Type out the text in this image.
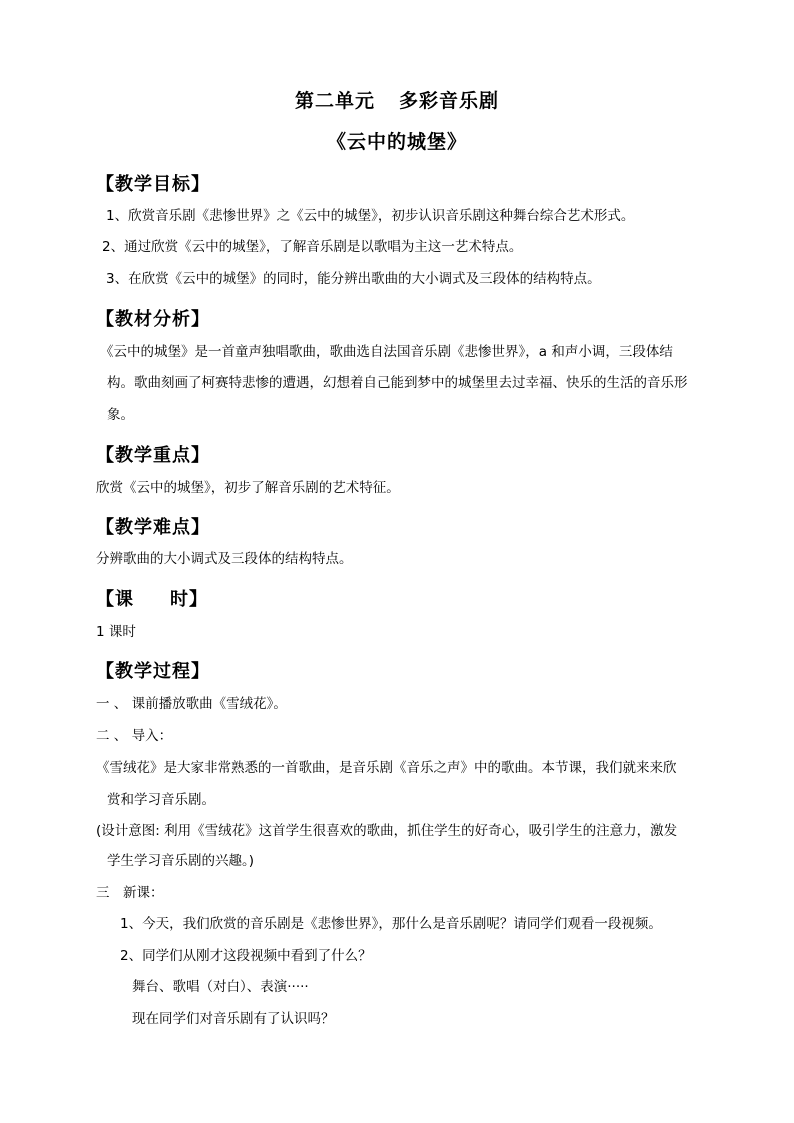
第二单元 多彩音乐剧
《云中的城堡》
【教学目标】
1、欣赏音乐剧《悲惨世界》之《云中的城堡》，初步认识音乐剧这种舞台综合艺术形式。
2、通过欣赏《云中的城堡》，了解音乐剧是以歌唱为主这一艺术特点。
3、在欣赏《云中的城堡》的同时，能分辨出歌曲的大小调式及三段体的结构特点。
【教材分析】
《云中的城堡》是一首童声独唱歌曲，歌曲选自法国音乐剧《悲惨世界》，a 和声小调，三段体结
构。歌曲刻画了柯赛特悲惨的遭遇，幻想着自己能到梦中的城堡里去过幸福、快乐的生活的音乐形
象。
【教学重点】
欣赏《云中的城堡》，初步了解音乐剧的艺术特征。
【教学难点】
分辨歌曲的大小调式及三段体的结构特点。
【课 时】
1 课时
【教学过程】
一 、 课前播放歌曲《雪绒花》。
二 、 导入：
《雪绒花》是大家非常熟悉的一首歌曲，是音乐剧《音乐之声》中的歌曲。本节课，我们就来来欣
赏和学习音乐剧。
(设计意图: 利用《雪绒花》这首学生很喜欢的歌曲，抓住学生的好奇心，吸引学生的注意力，激发
学生学习音乐剧的兴趣。)
三　新课：
1、今天，我们欣赏的音乐剧是《悲惨世界》，那什么是音乐剧呢？请同学们观看一段视频。
2、同学们从刚才这段视频中看到了什么？
舞台、歌唱（对白）、表演·····
现在同学们对音乐剧有了认识吗？
